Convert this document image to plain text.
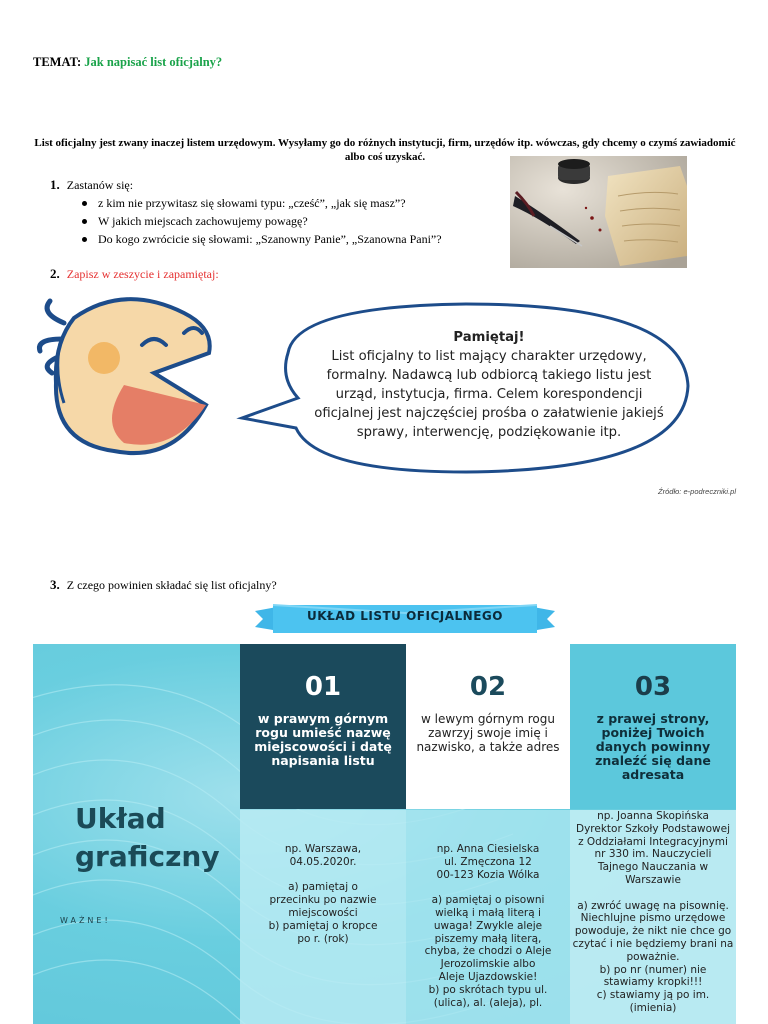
TEMAT: Jak napisać list oficjalny?
List oficjalny jest zwany inaczej listem urzędowym. Wysyłamy go do różnych instytucji, firm, urzędów itp. wówczas, gdy chcemy o czymś zawiadomić albo coś uzyskać.
1. Zastanów się:
z kim nie przywitasz się słowami typu: „cześć”, „jak się masz”?
W jakich miejscach zachowujemy powagę?
Do kogo zwrócicie się słowami: „Szanowny Panie”, „Szanowna Pani”?
2. Zapisz w zeszycie i zapamiętaj:
Pamiętaj!
List oficjalny to list mający charakter urzędowy, formalny. Nadawcą lub odbiorcą takiego listu jest urząd, instytucja, firma. Celem korespondencji oficjalnej jest najczęściej prośba o załatwienie jakiejś sprawy, interwencję, podziękowanie itp.
Źródło: e-podreczniki.pl
3. Z czego powinien składać się list oficjalny?
UKŁAD LISTU OFICJALNEGO
Układ
graficzny
WAŻNE!
01
w prawym górnym rogu umieść nazwę miejscowości i datę napisania listu
02
w lewym górnym rogu zawrzyj swoje imię i nazwisko, a także adres
03
z prawej strony, poniżej Twoich danych powinny znaleźć się dane adresata

np. Warszawa,
04.05.2020r.

a) pamiętaj o
przecinku po nazwie
miejscowości
b) pamiętaj o kropce
po r. (rok)

np. Anna Ciesielska
ul. Zmęczona 12
00-123 Kozia Wólka

a) pamiętaj o pisowni
wielką i małą literą i
uwaga! Zwykle aleje
piszemy małą literą,
chyba, że chodzi o Aleje
Jerozolimskie albo
Aleje Ujazdowskie!
b) po skrótach typu ul.
(ulica), al. (aleja), pl.

np. Joanna Skopińska
Dyrektor Szkoły Podstawowej
z Oddziałami Integracyjnymi
nr 330 im. Nauczycieli
Tajnego Nauczania w
Warszawie

a) zwróć uwagę na pisownię.
Niechlujne pismo urzędowe
powoduje, że nikt nie chce go
czytać i nie będziemy brani na
poważnie.
b) po nr (numer) nie
stawiamy kropki!!!
c) stawiamy ją po im.
(imienia)
